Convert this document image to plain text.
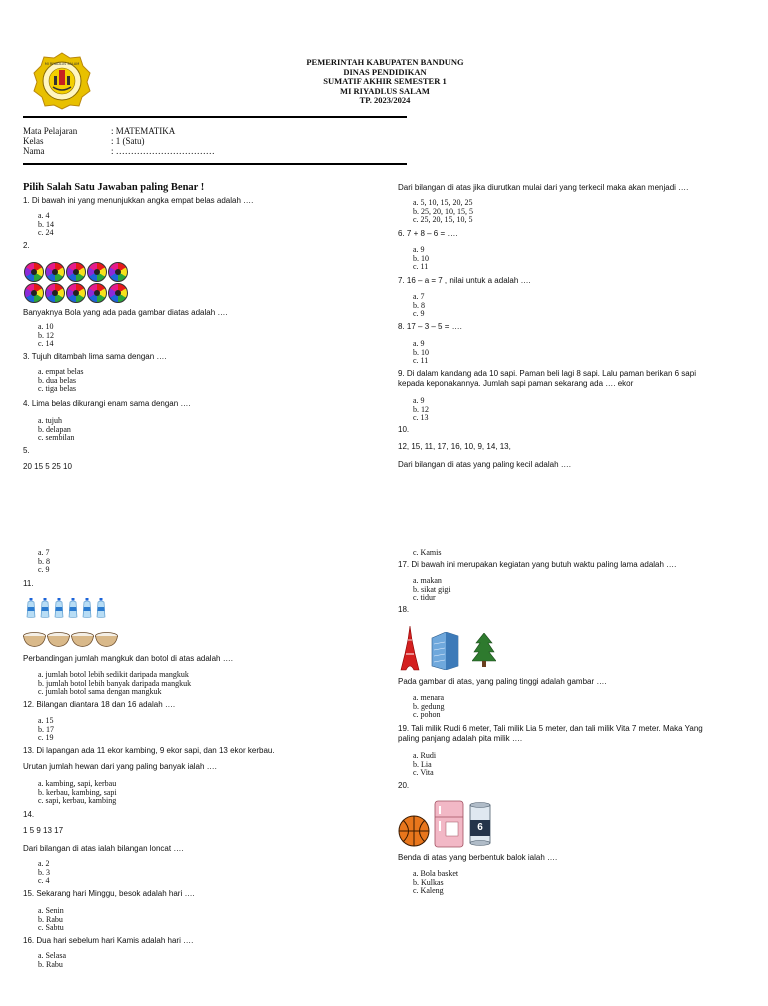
MI RIYADLUS SALAM	PEMERINTAH KABUPATEN BANDUNG
DINAS PENDIDIKAN
SUMATIF AKHIR SEMESTER 1
MI RIYADLUS SALAM
TP. 2023/2024
Mata Pelajaran	: MATEMATIKA
Kelas	: 1 (Satu)
Nama	: ……………………………
Pilih Salah Satu Jawaban paling Benar !
1. Di bawah ini yang menunjukkan angka empat belas adalah ….
a. 4
b. 14
c. 24
2.
Banyaknya Bola yang ada pada gambar diatas adalah ….
a. 10
b. 12
c. 14
3. Tujuh ditambah lima sama dengan ….
a. empat belas
b. dua belas
c. tiga belas
4. Lima belas dikurangi enam sama dengan ….
a. tujuh
b. delapan
c. sembilan
5.
20 15 5 25 10
a. 7
b. 8
c. 9
11.
Perbandingan jumlah mangkuk dan botol di atas adalah ….
a. jumlah botol lebih sedikit daripada mangkuk
b. jumlah botol lebih banyak daripada mangkuk
c. jumlah botol sama dengan mangkuk
12. Bilangan diantara 18 dan 16 adalah ….
a. 15
b. 17
c. 19
13. Di lapangan ada 11 ekor kambing, 9 ekor sapi, dan 13 ekor kerbau.
Urutan jumlah hewan dari yang paling banyak ialah ….
a. kambing, sapi, kerbau
b. kerbau, kambing, sapi
c. sapi, kerbau, kambing
14.
1 5 9 13 17
Dari bilangan di atas ialah bilangan loncat ….
a. 2
b. 3
c. 4
15. Sekarang hari Minggu, besok adalah hari ….
a. Senin
b. Rabu
c. Sabtu
16. Dua hari sebelum hari Kamis adalah hari ….
a. Selasa
b. Rabu
Dari bilangan di atas jika diurutkan mulai dari yang terkecil maka akan menjadi ….
a. 5, 10, 15, 20, 25
b. 25, 20, 10, 15, 5
c. 25, 20, 15, 10, 5
6. 7 + 8 – 6 = ….
a. 9
b. 10
c. 11
7. 16 – a = 7 , nilai untuk a adalah ….
a. 7
b. 8
c. 9
8. 17 – 3 – 5 = ….
a. 9
b. 10
c. 11
9. Di dalam kandang ada 10 sapi. Paman beli lagi 8 sapi. Lalu paman berikan 6 sapi
kepada keponakannya. Jumlah sapi paman sekarang ada …. ekor
a. 9
b. 12
c. 13
10.
12, 15, 11, 17, 16, 10, 9, 14, 13,
Dari bilangan di atas yang paling kecil adalah ….
c. Kamis
17. Di bawah ini merupakan kegiatan yang butuh waktu paling lama adalah ….
a. makan
b. sikat gigi
c. tidur
18.
Pada gambar di atas, yang paling tinggi adalah gambar ….
a. menara
b. gedung
c. pohon
19. Tali milik Rudi 6 meter, Tali milik Lia 5 meter, dan tali milik Vita 7 meter. Maka Yang
paling panjang adalah pita milik ….
a. Rudi
b. Lia
c. Vita
20.
6
Benda di atas yang berbentuk balok ialah ….
a. Bola basket
b. Kulkas
c. Kaleng
